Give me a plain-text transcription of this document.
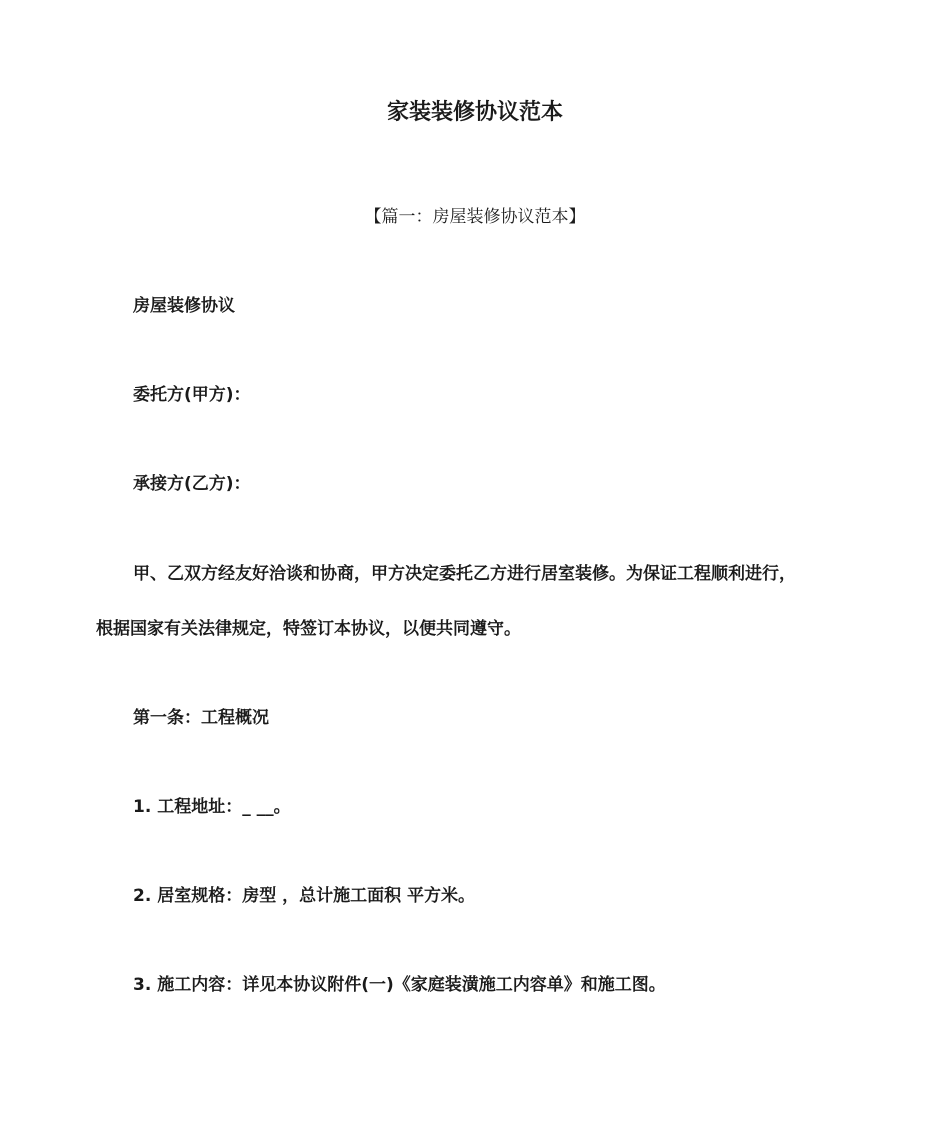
家装装修协议范本
【篇一：房屋装修协议范本】
房屋装修协议
委托方(甲方)：
承接方(乙方)：
甲、乙双方经友好洽谈和协商，甲方决定委托乙方进行居室装修。为保证工程顺利进行，
根据国家有关法律规定，特签订本协议，以便共同遵守。
第一条：工程概况
1. 工程地址：_ __。
2. 居室规格：房型 ，总计施工面积 平方米。
3. 施工内容：详见本协议附件(一)《家庭装潢施工内容单》和施工图。
